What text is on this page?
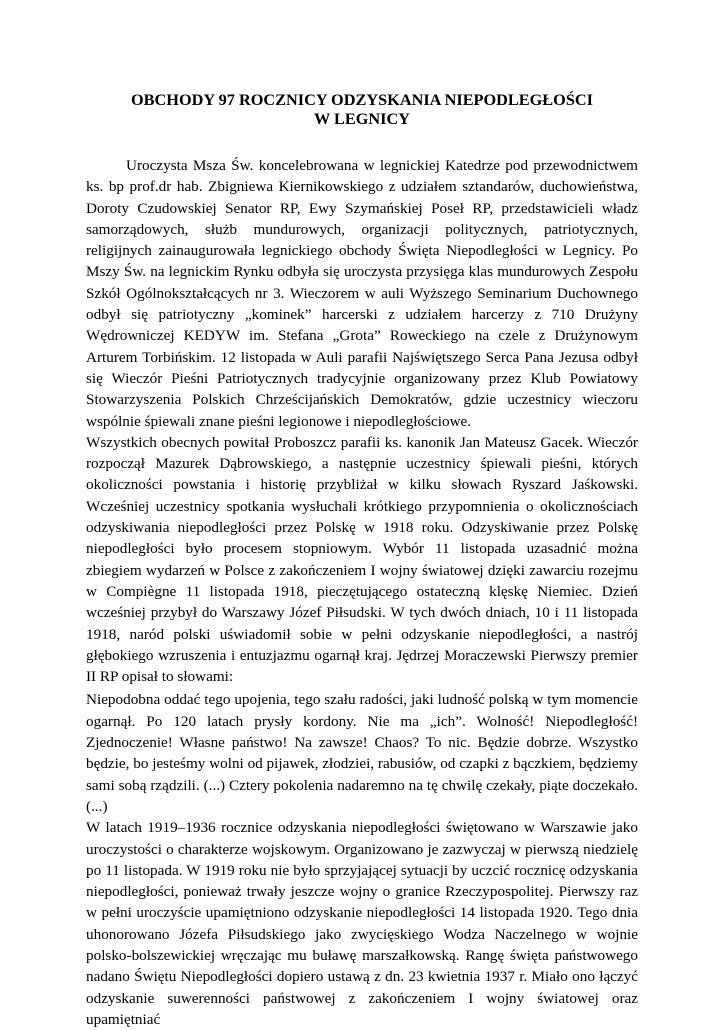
OBCHODY 97 ROCZNICY ODZYSKANIA NIEPODLEGŁOŚCI
W LEGNICY

Uroczysta Msza Św. koncelebrowana w legnickiej Katedrze pod przewodnictwem ks. bp prof.dr hab. Zbigniewa Kiernikowskiego z udziałem sztandarów, duchowieństwa, Doroty Czudowskiej Senator RP, Ewy Szymańskiej Poseł RP, przedstawicieli władz samorządowych, służb mundurowych, organizacji politycznych, patriotycznych, religijnych zainaugurowała legnickiego obchody Święta Niepodległości w Legnicy. Po Mszy Św. na legnickim Rynku odbyła się uroczysta przysięga klas mundurowych Zespołu Szkół Ogólnokształcących nr 3. Wieczorem w auli Wyższego Seminarium Duchownego odbył się patriotyczny „kominek” harcerski z udziałem harcerzy z 710 Drużyny Wędrowniczej KEDYW im. Stefana „Grota” Roweckiego na czele z Drużynowym Arturem Torbińskim. 12 listopada w Auli parafii Najświętszego Serca Pana Jezusa odbył się Wieczór Pieśni Patriotycznych tradycyjnie organizowany przez Klub Powiatowy Stowarzyszenia Polskich Chrześcijańskich Demokratów, gdzie uczestnicy wieczoru wspólnie śpiewali znane pieśni legionowe i niepodległościowe.

Wszystkich obecnych powitał Proboszcz parafii ks. kanonik Jan Mateusz Gacek. Wieczór rozpoczął Mazurek Dąbrowskiego, a następnie uczestnicy śpiewali pieśni, których okoliczności powstania i historię przybliżał w kilku słowach Ryszard Jaśkowski. Wcześniej uczestnicy spotkania wysłuchali krótkiego przypomnienia o okolicznościach odzyskiwania niepodległości przez Polskę w 1918 roku. Odzyskiwanie przez Polskę niepodległości było procesem stopniowym. Wybór 11 listopada uzasadnić można zbiegiem wydarzeń w Polsce z zakończeniem I wojny światowej dzięki zawarciu rozejmu w Compiègne 11 listopada 1918, pieczętującego ostateczną klęskę Niemiec. Dzień wcześniej przybył do Warszawy Józef Piłsudski. W tych dwóch dniach, 10 i 11 listopada 1918, naród polski uświadomił sobie w pełni odzyskanie niepodległości, a nastrój głębokiego wzruszenia i entuzjazmu ogarnął kraj. Jędrzej Moraczewski Pierwszy premier II RP opisał to słowami:

Niepodobna oddać tego upojenia, tego szału radości, jaki ludność polską w tym momencie ogarnął. Po 120 latach prysły kordony. Nie ma „ich”. Wolność! Niepodległość! Zjednoczenie! Własne państwo! Na zawsze! Chaos? To nic. Będzie dobrze. Wszystko będzie, bo jesteśmy wolni od pijawek, złodziei, rabusiów, od czapki z bączkiem, będziemy sami sobą rządzili. (...) Cztery pokolenia nadaremno na tę chwilę czekały, piąte doczekało. (...)

W latach 1919–1936 rocznice odzyskania niepodległości świętowano w Warszawie jako uroczystości o charakterze wojskowym. Organizowano je zazwyczaj w pierwszą niedzielę po 11 listopada. W 1919 roku nie było sprzyjającej sytuacji by uczcić rocznicę odzyskania niepodległości, ponieważ trwały jeszcze wojny o granice Rzeczypospolitej. Pierwszy raz w pełni uroczyście upamiętniono odzyskanie niepodległości 14 listopada 1920. Tego dnia uhonorowano Józefa Piłsudskiego jako zwycięskiego Wodza Naczelnego w wojnie polsko-bolszewickiej wręczając mu buławę marszałkowską. Rangę święta państwowego nadano Świętu Niepodległości dopiero ustawą z dn. 23 kwietnia 1937 r. Miało ono łączyć odzyskanie suwerenności państwowej z zakończeniem I wojny światowej oraz upamiętniać
